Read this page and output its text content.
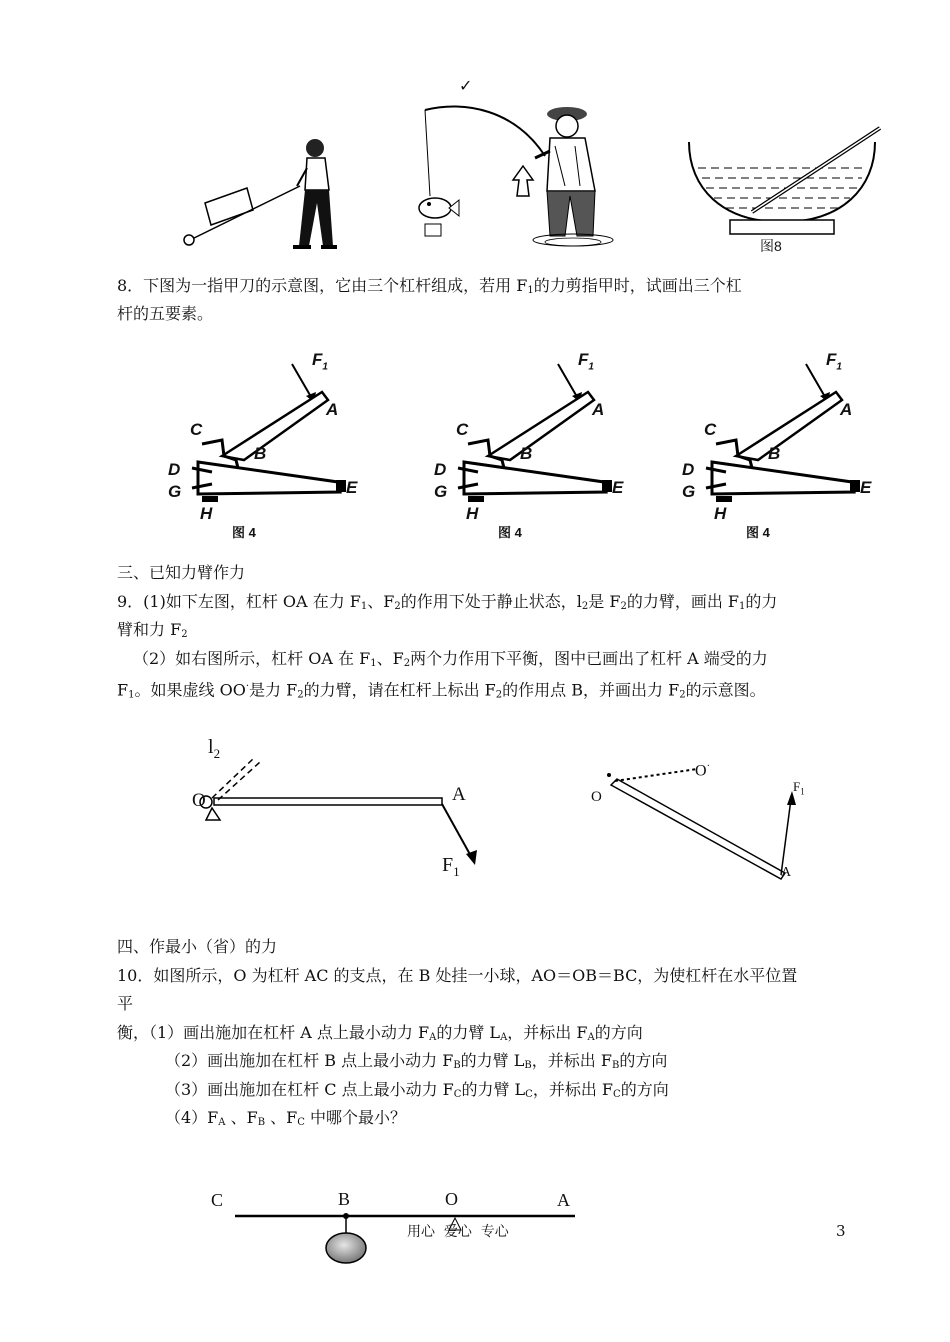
✓
图8
8．下图为一指甲刀的示意图，它由三个杠杆组成，若用 $F_1$的力剪指甲时，试画出三个杠
杆的五要素。
$F_1$
A
B
C
D
E
G
H
图 4
$F_1$
A
B
C
D
E
G
H
图 4
$F_1$
A
B
C
D
E
G
H
图 4
三、已知力臂作力
9．(1)如下左图，杠杆 OA 在力 $F_1$、$F_2$的作用下处于静止状态，$l_2$是 $F_2$的力臂，画出 $F_1$的力
臂和力 $F_2$
（2）如右图所示，杠杆 OA 在 $F_1$、$F_2$两个力作用下平衡，图中已画出了杠杆 A 端受的力
$F_1$。如果虚线 OO·是力 $F_2$的力臂，请在杠杆上标出 $F_2$的作用点 B，并画出力 $F_2$的示意图。
$l_2$
O	A
$F_1$
O
O·
A
$F_1$
四、作最小（省）的力
10．如图所示，O 为杠杆 AC 的支点，在 B 处挂一小球，AO＝OB＝BC，为使杠杆在水平位置
平
衡，（1）画出施加在杠杆 A 点上最小动力 $F_A$的力臂 $L_A$，并标出 $F_A$的方向
（2）画出施加在杠杆 B 点上最小动力 $F_B$的力臂 $L_B$，并标出 $F_B$的方向
（3）画出施加在杠杆 C 点上最小动力 $F_C$的力臂 $L_C$，并标出 $F_C$的方向
$(4)F_A$ 、$F_B$ 、$F_C$ 中哪个最小？
C	B	O	A
用心  爱心  专心	3
